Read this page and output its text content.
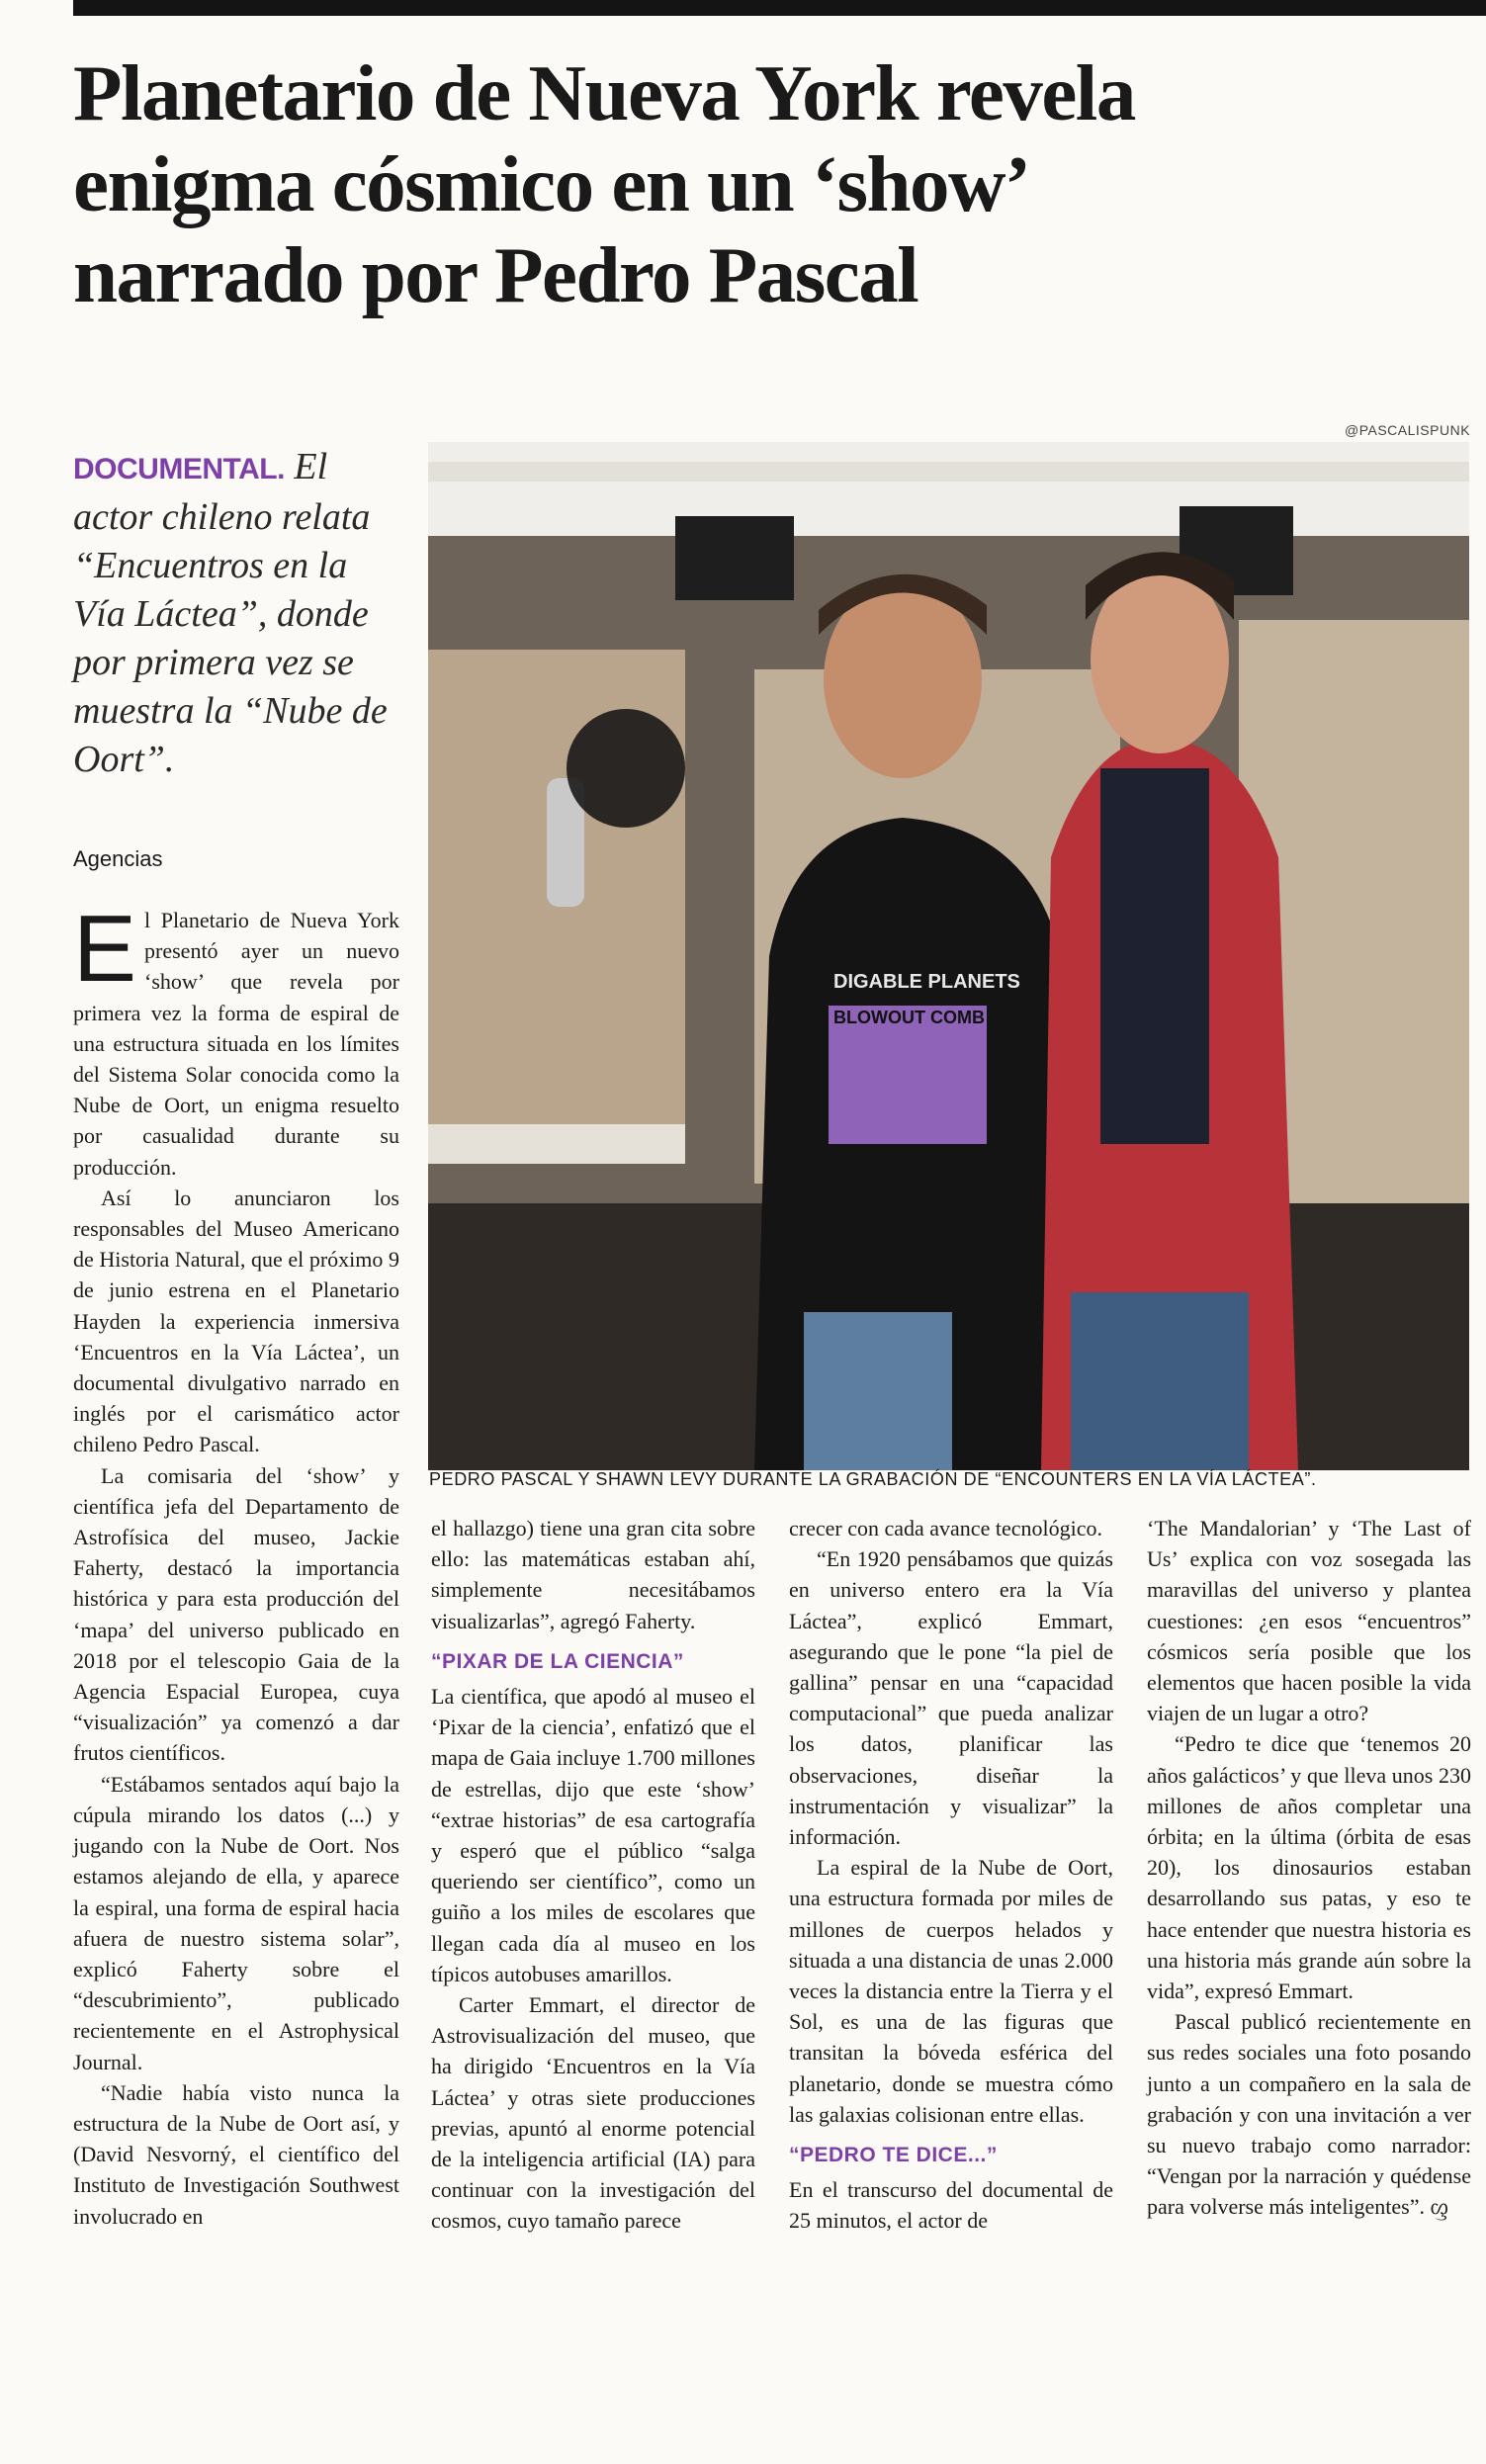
Planetario de Nueva York revela
enigma cósmico en un ‘show’
narrado por Pedro Pascal

DOCUMENTAL. El actor chileno relata “Encuentros en la Vía Láctea”, donde por primera vez se muestra la “Nube de Oort”.

Agencias
@PASCALISPUNK
DIGABLE PLANETS
BLOWOUT COMB
PEDRO PASCAL Y SHAWN LEVY DURANTE LA GRABACIÓN DE “ENCOUNTERS EN LA VÍA LÁCTEA”.

El Planetario de Nueva York presentó ayer un nuevo ‘show’ que revela por primera vez la forma de espiral de una estructura situada en los límites del Sistema Solar conocida como la Nube de Oort, un enigma resuelto por casualidad durante su producción.

Así lo anunciaron los responsables del Museo Americano de Historia Natural, que el próximo 9 de junio estrena en el Planetario Hayden la experiencia inmersiva ‘Encuentros en la Vía Láctea’, un documental divulgativo narrado en inglés por el carismático actor chileno Pedro Pascal.

La comisaria del ‘show’ y científica jefa del Departamento de Astrofísica del museo, Jackie Faherty, destacó la importancia histórica y para esta producción del ‘mapa’ del universo publicado en 2018 por el telescopio Gaia de la Agencia Espacial Europea, cuya “visualización” ya comenzó a dar frutos científicos.

“Estábamos sentados aquí bajo la cúpula mirando los datos (...) y jugando con la Nube de Oort. Nos estamos alejando de ella, y aparece la espiral, una forma de espiral hacia afuera de nuestro sistema solar”, explicó Faherty sobre el “descubrimiento”, publicado recientemente en el Astrophysical Journal.

“Nadie había visto nunca la estructura de la Nube de Oort así, y (David Nesvorný, el científico del Instituto de Investigación Southwest involucrado en

el hallazgo) tiene una gran cita sobre ello: las matemáticas estaban ahí, simplemente necesitábamos visualizarlas”, agregó Faherty.

“PIXAR DE LA CIENCIA”

La científica, que apodó al museo el ‘Pixar de la ciencia’, enfatizó que el mapa de Gaia incluye 1.700 millones de estrellas, dijo que este ‘show’ “extrae historias” de esa cartografía y esperó que el público “salga queriendo ser científico”, como un guiño a los miles de escolares que llegan cada día al museo en los típicos autobuses amarillos.

Carter Emmart, el director de Astrovisualización del museo, que ha dirigido ‘Encuentros en la Vía Láctea’ y otras siete producciones previas, apuntó al enorme potencial de la inteligencia artificial (IA) para continuar con la investigación del cosmos, cuyo tamaño parece

crecer con cada avance tecnológico.

“En 1920 pensábamos que quizás en universo entero era la Vía Láctea”, explicó Emmart, asegurando que le pone “la piel de gallina” pensar en una “capacidad computacional” que pueda analizar los datos, planificar las observaciones, diseñar la instrumentación y visualizar” la información.

La espiral de la Nube de Oort, una estructura formada por miles de millones de cuerpos helados y situada a una distancia de unas 2.000 veces la distancia entre la Tierra y el Sol, es una de las figuras que transitan la bóveda esférica del planetario, donde se muestra cómo las galaxias colisionan entre ellas.

“PEDRO TE DICE...”

En el transcurso del documental de 25 minutos, el actor de

‘The Mandalorian’ y ‘The Last of Us’ explica con voz sosegada las maravillas del universo y plantea cuestiones: ¿en esos “encuentros” cósmicos sería posible que los elementos que hacen posible la vida viajen de un lugar a otro?

“Pedro te dice que ‘tenemos 20 años galácticos’ y que lleva unos 230 millones de años completar una órbita; en la última (órbita de esas 20), los dinosaurios estaban desarrollando sus patas, y eso te hace entender que nuestra historia es una historia más grande aún sobre la vida”, expresó Emmart.

Pascal publicó recientemente en sus redes sociales una foto posando junto a un compañero en la sala de grabación y con una invitación a ver su nuevo trabajo como narrador: “Vengan por la narración y quédense para volverse más inteligentes”. ᦐ
